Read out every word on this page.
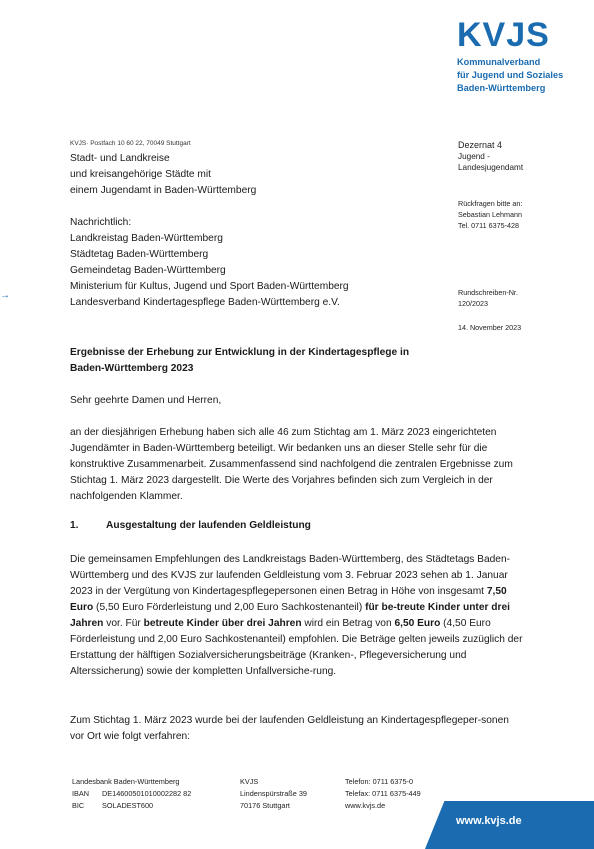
KVJS
Kommunalverband
für Jugend und Soziales
Baden-Württemberg
KVJS· Postfach 10 60 22, 70049 Stuttgart
Stadt- und Landkreise
und kreisangehörige Städte mit
einem Jugendamt in Baden-Württemberg
Nachrichtlich:
Landkreistag Baden-Württemberg
Städtetag Baden-Württemberg
Gemeindetag Baden-Württemberg
Ministerium für Kultus, Jugend und Sport Baden-Württemberg
Landesverband Kindertagespflege Baden-Württemberg e.V.
→
Dezernat 4
Jugend -
Landesjugendamt
Rückfragen bitte an:
Sebastian Lehmann
Tel. 0711 6375-428
Rundschreiben-Nr.
120/2023
14. November 2023
Ergebnisse der Erhebung zur Entwicklung in der Kindertagespflege in
Baden-Württemberg 2023
Sehr geehrte Damen und Herren,
an der diesjährigen Erhebung haben sich alle 46 zum Stichtag am 1. März 2023 eingerichteten Jugendämter in Baden-Württemberg beteiligt. Wir bedanken uns an dieser Stelle sehr für die konstruktive Zusammenarbeit. Zusammenfassend sind nachfolgend die zentralen Ergebnisse zum Stichtag 1. März 2023 dargestellt. Die Werte des Vorjahres befinden sich zum Vergleich in der nachfolgenden Klammer.
1.	Ausgestaltung der laufenden Geldleistung
Die gemeinsamen Empfehlungen des Landkreistags Baden-Württemberg, des Städtetags Baden-Württemberg und des KVJS zur laufenden Geldleistung vom 3. Februar 2023 sehen ab 1. Januar 2023 in der Vergütung von Kindertagespflegepersonen einen Betrag in Höhe von insgesamt 7,50 Euro (5,50 Euro Förderleistung und 2,00 Euro Sachkostenanteil) für be-treute Kinder unter drei Jahren vor. Für betreute Kinder über drei Jahren wird ein Betrag von 6,50 Euro (4,50 Euro Förderleistung und 2,00 Euro Sachkostenanteil) empfohlen. Die Beträge gelten jeweils zuzüglich der Erstattung der hälftigen Sozialversicherungsbeiträge (Kranken-, Pflegeversicherung und Alterssicherung) sowie der kompletten Unfallversiche-rung.
Zum Stichtag 1. März 2023 wurde bei der laufenden Geldleistung an Kindertagespflegeper-sonen vor Ort wie folgt verfahren:
Landesbank Baden-Württemberg
IBAN DE14600501010002282 82
BIC SOLADEST600
KVJS
Lindenspürstraße 39
70176 Stuttgart
Telefon: 0711 6375-0
Telefax: 0711 6375-449
www.kvjs.de
www.kvjs.de
